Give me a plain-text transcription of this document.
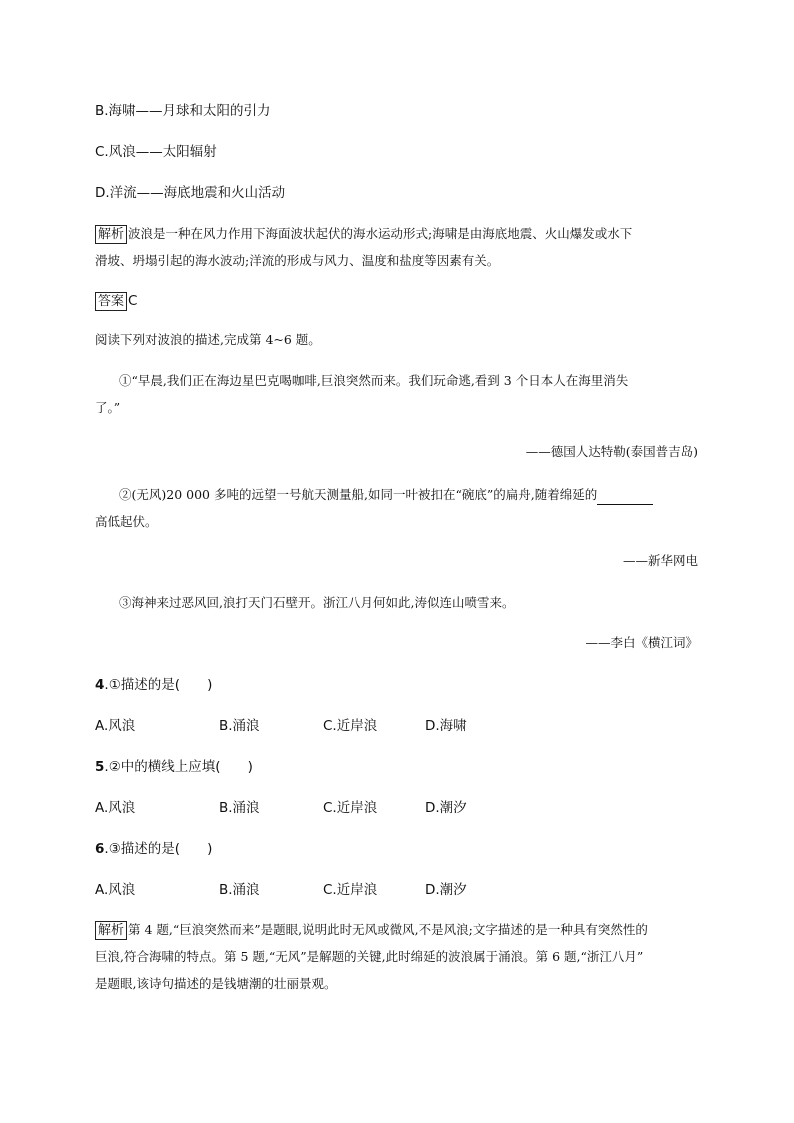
B.海啸——月球和太阳的引力
C.风浪——太阳辐射
D.洋流——海底地震和火山活动
解析 波浪是一种在风力作用下海面波状起伏的海水运动形式;海啸是由海底地震、火山爆发或水下
滑坡、坍塌引起的海水波动;洋流的形成与风力、温度和盐度等因素有关。
答案 C
阅读下列对波浪的描述,完成第 4~6 题。
①“早晨,我们正在海边星巴克喝咖啡,巨浪突然而来。我们玩命逃,看到 3 个日本人在海里消失
了。”
——德国人达特勒(泰国普吉岛)
②(无风)20 000 多吨的远望一号航天测量船,如同一叶被扣在“碗底”的扁舟,随着绵延的
高低起伏。
——新华网电
③海神来过恶风回,浪打天门石壁开。浙江八月何如此,涛似连山喷雪来。
——李白《横江词》
4.①描述的是(　　)
A.风浪	B.涌浪	C.近岸浪	D.海啸
5.②中的横线上应填(　　)
A.风浪	B.涌浪	C.近岸浪	D.潮汐
6.③描述的是(　　)
A.风浪	B.涌浪	C.近岸浪	D.潮汐
解析 第 4 题,“巨浪突然而来”是题眼,说明此时无风或微风,不是风浪;文字描述的是一种具有突然性的
巨浪,符合海啸的特点。第 5 题,“无风”是解题的关键,此时绵延的波浪属于涌浪。第 6 题,“浙江八月”
是题眼,该诗句描述的是钱塘潮的壮丽景观。
